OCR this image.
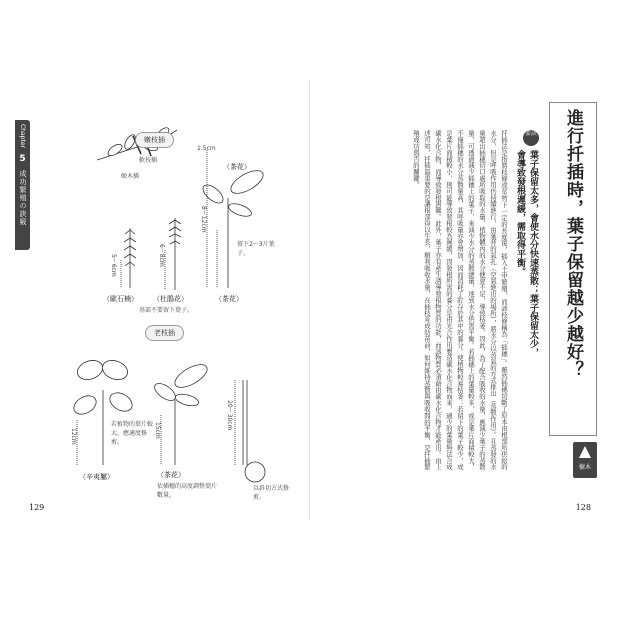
Chapter
5
成功繁殖の訣竅
嫩枝插
軟枝插
硬木插
1.5cm
（歐石楠）
5～6cm
（杜鵑花）
6～8cm
基部不要留下葉子。
（茶花）
（茶花）
8～12cm
留下2～3片葉子。
老枝插
（辛夷屬）
12cm
若植物的葉片較大，應適度修剪。
（茶花）
15cm
依插穗的高度調整葉片數量。
20～30cm
以斜切方式修剪。
129
進行扦插時，葉子保留越少越好？
樹木
要訣
葉子保留太多，會使水分快速蒸散；葉子保留太少，會導致發根遲緩，需取得平衡。
扦插法是指將枝條或莖剪下一定的長度後，插入土中繁殖，而該枝條稱為「插穗」。雖然插穗切斷了原本由根部所供給的水分，但是呼吸作用仍持續進行，由葉背的氣孔（空氣進出的場所），將水分以蒸氣的方式排出（蒸散作用）。且蒸發的水量超出插穗切口處所吸取的水量，植物體內的水分便會不足，導致枯萎。因此，為了配合吸收的水量，應減少葉子的蒸散量，可透過減少插穗上的葉子，來減少水分的蒸散總量，達到水分供需平衡。若插穗上的葉量較多，或是葉片面積較大，不僅插穗的水分蒸散量高，其呼吸量亦會增加，因而消耗了貯存於其中的養分。使植物較易枯萎；若留下的葉子較少，或是葉片面積較小，則可能導致發根較為遲緩，因發根所需的養分是由光合作用製造碳水化合物而來，過少的葉量無法合成碳水化合物，而導致發根困難。此外，葉子亦有產生誘導發根物質的功能，而該物質必須藉由碳水化合物才能產出。由上述可知，扦插最重要的是讓根部得以生長，順利吸收水量，在插枝育成幼苗前，如何維持蒸散與吸收間的平衡，是扦插繁殖成功與否的關鍵。
128
